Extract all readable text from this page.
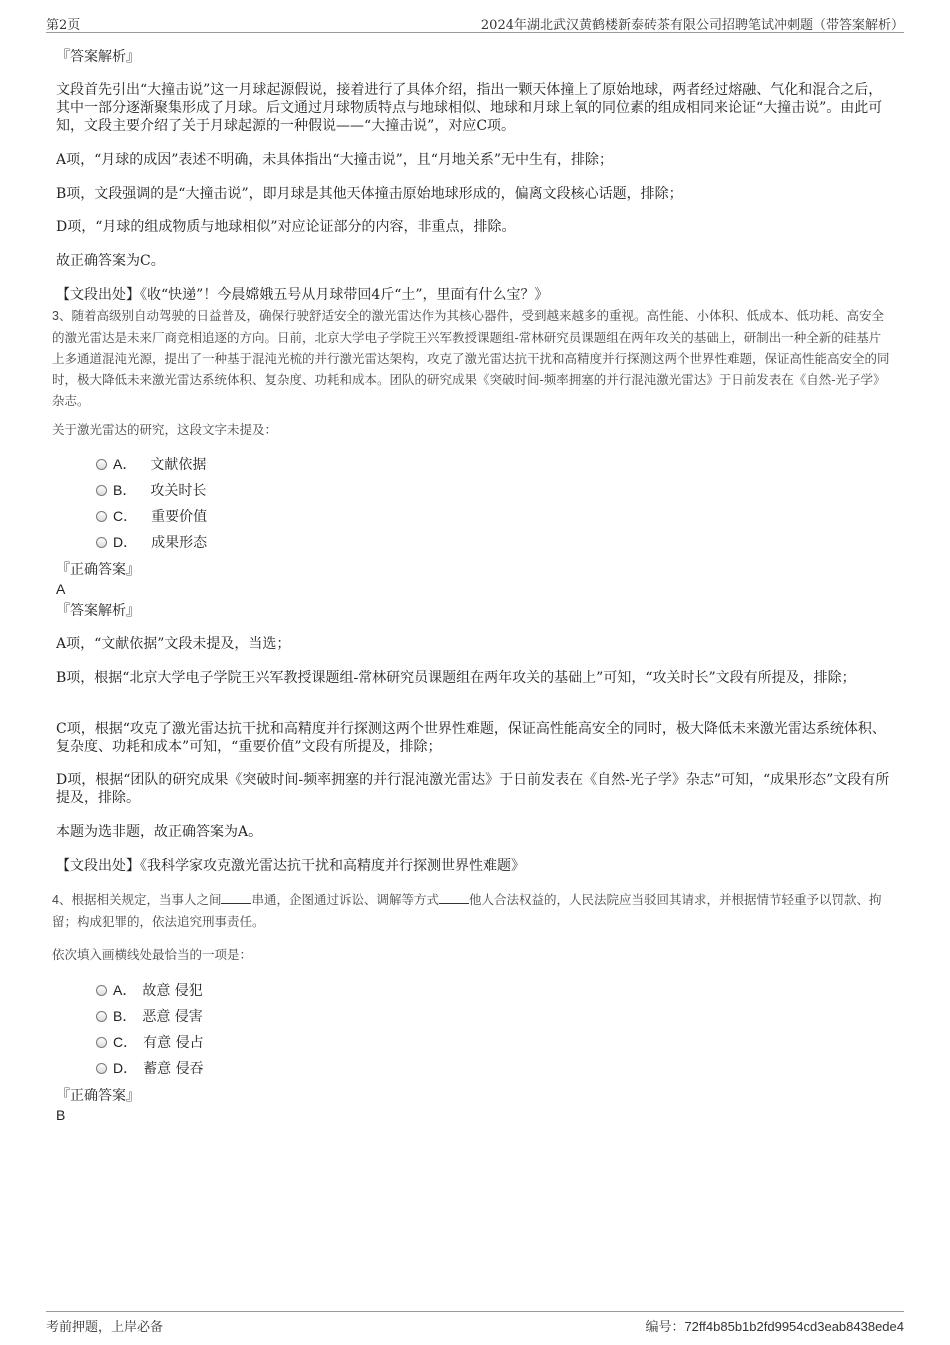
第2页	2024年湖北武汉黄鹤楼新泰砖茶有限公司招聘笔试冲刺题（带答案解析）
『答案解析』
文段首先引出“大撞击说”这一月球起源假说，接着进行了具体介绍，指出一颗天体撞上了原始地球，两者经过熔融、气化和混合之后，其中一部分逐渐聚集形成了月球。后文通过月球物质特点与地球相似、地球和月球上氧的同位素的组成相同来论证“大撞击说”。由此可知，文段主要介绍了关于月球起源的一种假说——“大撞击说”，对应C项。
A项，“月球的成因”表述不明确，未具体指出“大撞击说”，且“月地关系”无中生有，排除；
B项，文段强调的是“大撞击说”，即月球是其他天体撞击原始地球形成的，偏离文段核心话题，排除；
D项，“月球的组成物质与地球相似”对应论证部分的内容，非重点，排除。
故正确答案为C。
【文段出处】《收“快递”！今晨嫦娥五号从月球带回4斤“土”，里面有什么宝？》
3、随着高级别自动驾驶的日益普及，确保行驶舒适安全的激光雷达作为其核心器件，受到越来越多的重视。高性能、小体积、低成本、低功耗、高安全的激光雷达是未来厂商竞相追逐的方向。日前，北京大学电子学院王兴军教授课题组-常林研究员课题组在两年攻关的基础上，研制出一种全新的硅基片上多通道混沌光源，提出了一种基于混沌光梳的并行激光雷达架构，攻克了激光雷达抗干扰和高精度并行探测这两个世界性难题，保证高性能高安全的同时，极大降低未来激光雷达系统体积、复杂度、功耗和成本。团队的研究成果《突破时间-频率拥塞的并行混沌激光雷达》于日前发表在《自然-光子学》杂志。
关于激光雷达的研究，这段文字未提及：
A． 文献依据
B． 攻关时长
C． 重要价值
D． 成果形态
『正确答案』
A
『答案解析』
A项，“文献依据”文段未提及，当选；
B项，根据“北京大学电子学院王兴军教授课题组-常林研究员课题组在两年攻关的基础上”可知，“攻关时长”文段有所提及，排除；
C项，根据“攻克了激光雷达抗干扰和高精度并行探测这两个世界性难题，保证高性能高安全的同时，极大降低未来激光雷达系统体积、复杂度、功耗和成本”可知，“重要价值”文段有所提及，排除；
D项，根据“团队的研究成果《突破时间-频率拥塞的并行混沌激光雷达》于日前发表在《自然-光子学》杂志”可知，“成果形态”文段有所提及，排除。
本题为选非题，故正确答案为A。
【文段出处】《我科学家攻克激光雷达抗干扰和高精度并行探测世界性难题》
4、根据相关规定，当事人之间 串通，企图通过诉讼、调解等方式 他人合法权益的，人民法院应当驳回其请求，并根据情节轻重予以罚款、拘留；构成犯罪的，依法追究刑事责任。
依次填入画横线处最恰当的一项是：
A． 故意 侵犯
B． 恶意 侵害
C． 有意 侵占
D． 蓄意 侵吞
『正确答案』
B
考前押题，上岸必备	编号：72ff4b85b1b2fd9954cd3eab8438ede4
